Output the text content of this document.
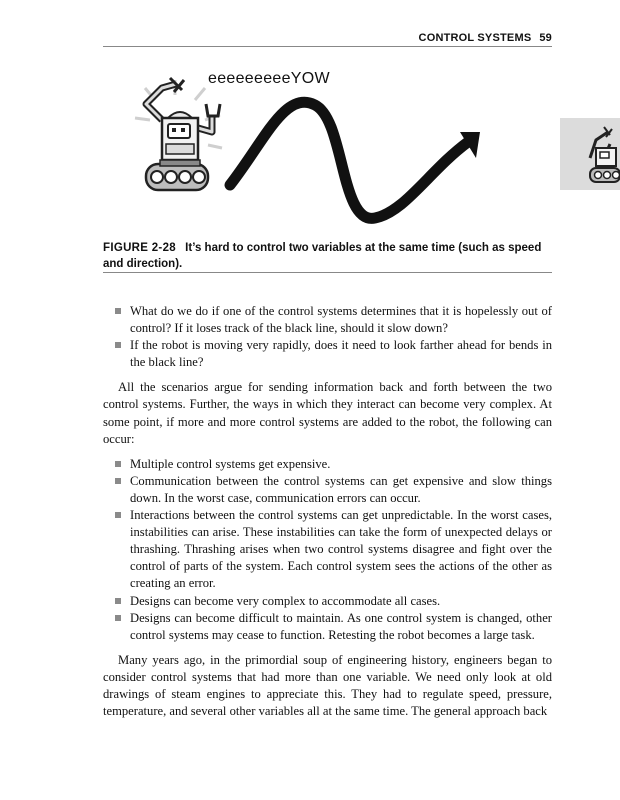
CONTROL SYSTEMS 59
eeeeeeeeeYOW
FIGURE 2-28 It’s hard to control two variables at the same time (such as speed and direction).
What do we do if one of the control systems determines that it is hopelessly out of control? If it loses track of the black line, should it slow down?
If the robot is moving very rapidly, does it need to look farther ahead for bends in the black line?

All the scenarios argue for sending information back and forth between the two control systems. Further, the ways in which they interact can become very complex. At some point, if more and more control systems are added to the robot, the following can occur:

Multiple control systems get expensive.
Communication between the control systems can get expensive and slow things down. In the worst case, communication errors can occur.
Interactions between the control systems can get unpredictable. In the worst cases, instabilities can arise. These instabilities can take the form of unexpected delays or thrashing. Thrashing arises when two control systems disagree and fight over the control of parts of the system. Each control system sees the actions of the other as creating an error.
Designs can become very complex to accommodate all cases.
Designs can become difficult to maintain. As one control system is changed, other control systems may cease to function. Retesting the robot becomes a large task.

Many years ago, in the primordial soup of engineering history, engineers began to consider control systems that had more than one variable. We need only look at old drawings of steam engines to appreciate this. They had to regulate speed, pressure, temperature, and several other variables all at the same time. The general approach back
